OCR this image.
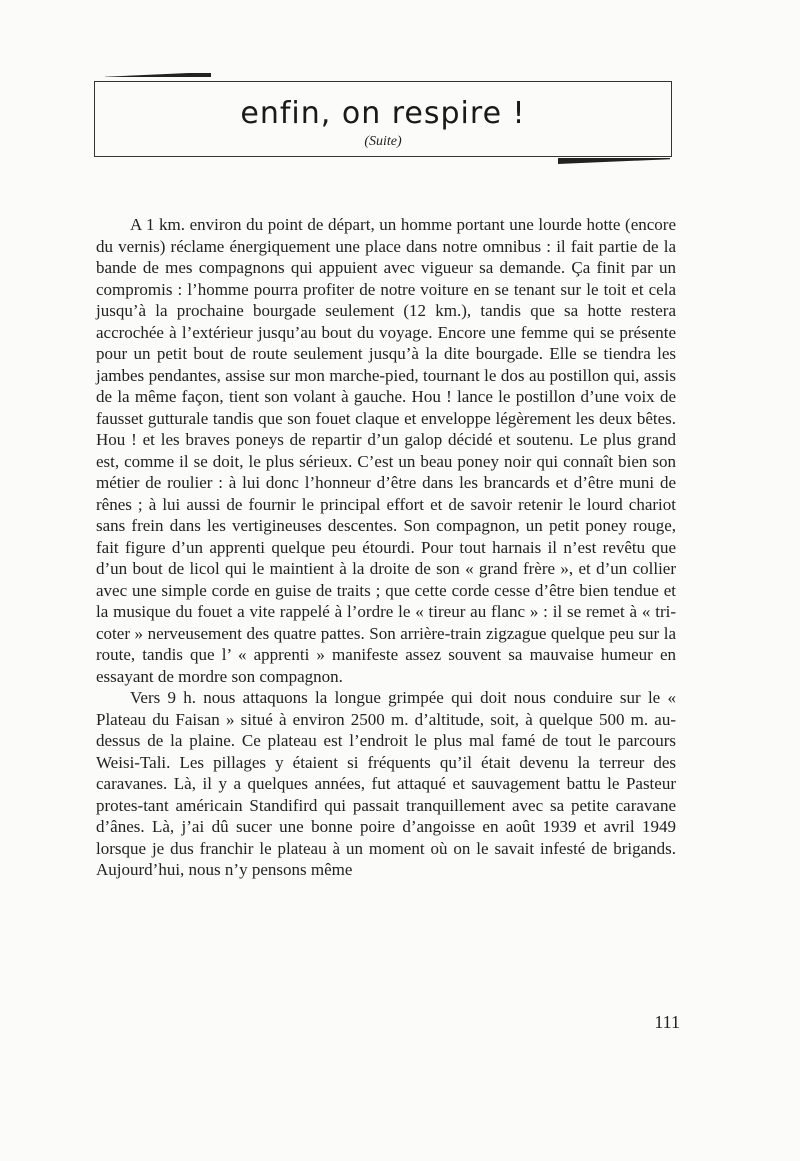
enfin, on respire !
(Suite)

A 1 km. environ du point de départ, un homme portant une lourde hotte (encore du vernis) réclame énergiquement une place dans notre omnibus : il fait partie de la bande de mes compagnons qui appuient avec vigueur sa demande. Ça finit par un compromis : l’homme pourra profiter de notre voiture en se tenant sur le toit et cela jusqu’à la prochaine bourgade seulement (12 km.), tandis que sa hotte restera accrochée à l’extérieur jusqu’au bout du voyage. Encore une femme qui se présente pour un petit bout de route seulement jusqu’à la dite bourgade. Elle se tiendra les jambes pendantes, assise sur mon marche-pied, tournant le dos au postillon qui, assis de la même façon, tient son volant à gauche. Hou ! lance le postillon d’une voix de fausset gutturale tandis que son fouet claque et enveloppe légèrement les deux bêtes. Hou ! et les braves poneys de repartir d’un galop décidé et soutenu. Le plus grand est, comme il se doit, le plus sérieux. C’est un beau poney noir qui connaît bien son métier de roulier : à lui donc l’honneur d’être dans les brancards et d’être muni de rênes ; à lui aussi de fournir le principal effort et de savoir retenir le lourd chariot sans frein dans les vertigineuses descentes. Son compagnon, un petit poney rouge, fait figure d’un apprenti quelque peu étourdi. Pour tout harnais il n’est revêtu que d’un bout de licol qui le maintient à la droite de son « grand frère », et d’un collier avec une simple corde en guise de traits ; que cette corde cesse d’être bien tendue et la musique du fouet a vite rappelé à l’ordre le « tireur au flanc » : il se remet à « tri-coter » nerveusement des quatre pattes. Son arrière-train zigzague quelque peu sur la route, tandis que l’ « apprenti » manifeste assez souvent sa mauvaise humeur en essayant de mordre son compagnon.

Vers 9 h. nous attaquons la longue grimpée qui doit nous conduire sur le « Plateau du Faisan » situé à environ 2500 m. d’altitude, soit, à quelque 500 m. au-dessus de la plaine. Ce plateau est l’endroit le plus mal famé de tout le parcours Weisi-Tali. Les pillages y étaient si fréquents qu’il était devenu la terreur des caravanes. Là, il y a quelques années, fut attaqué et sauvagement battu le Pasteur protes-tant américain Standifird qui passait tranquillement avec sa petite caravane d’ânes. Là, j’ai dû sucer une bonne poire d’angoisse en août 1939 et avril 1949 lorsque je dus franchir le plateau à un moment où on le savait infesté de brigands. Aujourd’hui, nous n’y pensons même

111
